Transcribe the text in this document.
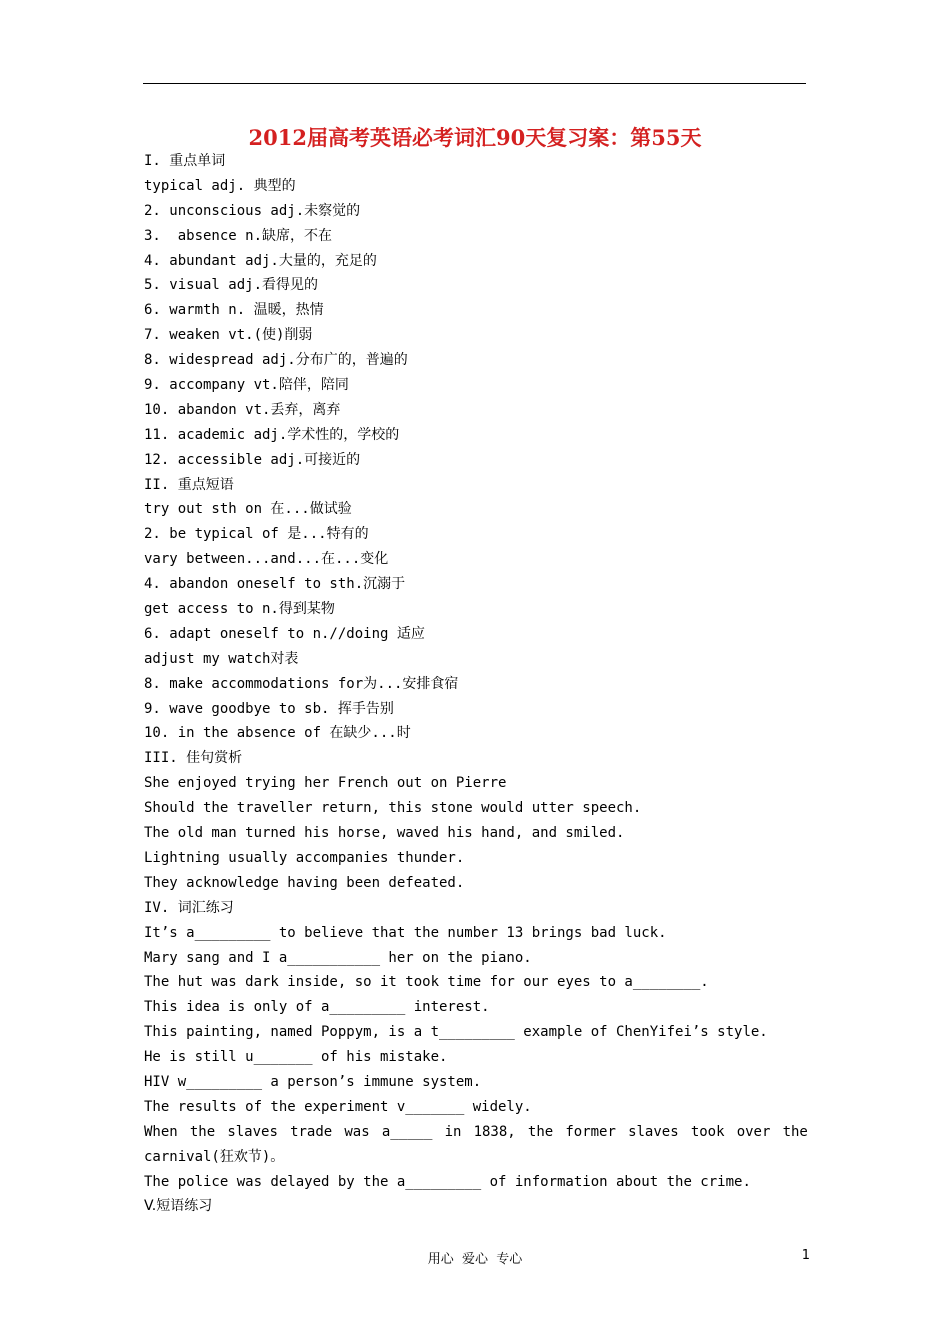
2012届高考英语必考词汇90天复习案：第55天
I. 重点单词
typical adj. 典型的
2. unconscious adj.未察觉的
3.  absence n.缺席，不在
4. abundant adj.大量的，充足的
5. visual adj.看得见的
6. warmth n. 温暖，热情
7. weaken vt.(使)削弱
8. widespread adj.分布广的，普遍的
9. accompany vt.陪伴，陪同
10. abandon vt.丢弃，离弃
11. academic adj.学术性的，学校的
12. accessible adj.可接近的
II. 重点短语
try out sth on 在...做试验
2. be typical of 是...特有的
vary between...and...在...变化
4. abandon oneself to sth.沉溺于
get access to n.得到某物
6. adapt oneself to n.//doing 适应
adjust my watch对表
8. make accommodations for为...安排食宿
9. wave goodbye to sb. 挥手告别
10. in the absence of 在缺少...时
III. 佳句赏析
She enjoyed trying her French out on Pierre
Should the traveller return, this stone would utter speech.
The old man turned his horse, waved his hand, and smiled.
Lightning usually accompanies thunder.
They acknowledge having been defeated.
IV. 词汇练习
It’s a_________ to believe that the number 13 brings bad luck.
Mary sang and I a___________ her on the piano.
The hut was dark inside, so it took time for our eyes to a________.
This idea is only of a_________ interest.
This painting, named Poppym, is a t_________ example of ChenYifei’s style.
He is still u_______ of his mistake.
HIV w_________ a person’s immune system.
The results of the experiment v_______ widely.
When the slaves trade was a_____ in 1838, the former slaves took over the
carnival(狂欢节)。
The police was delayed by the a_________ of information about the crime.
V.短语练习
用心  爱心  专心	1
